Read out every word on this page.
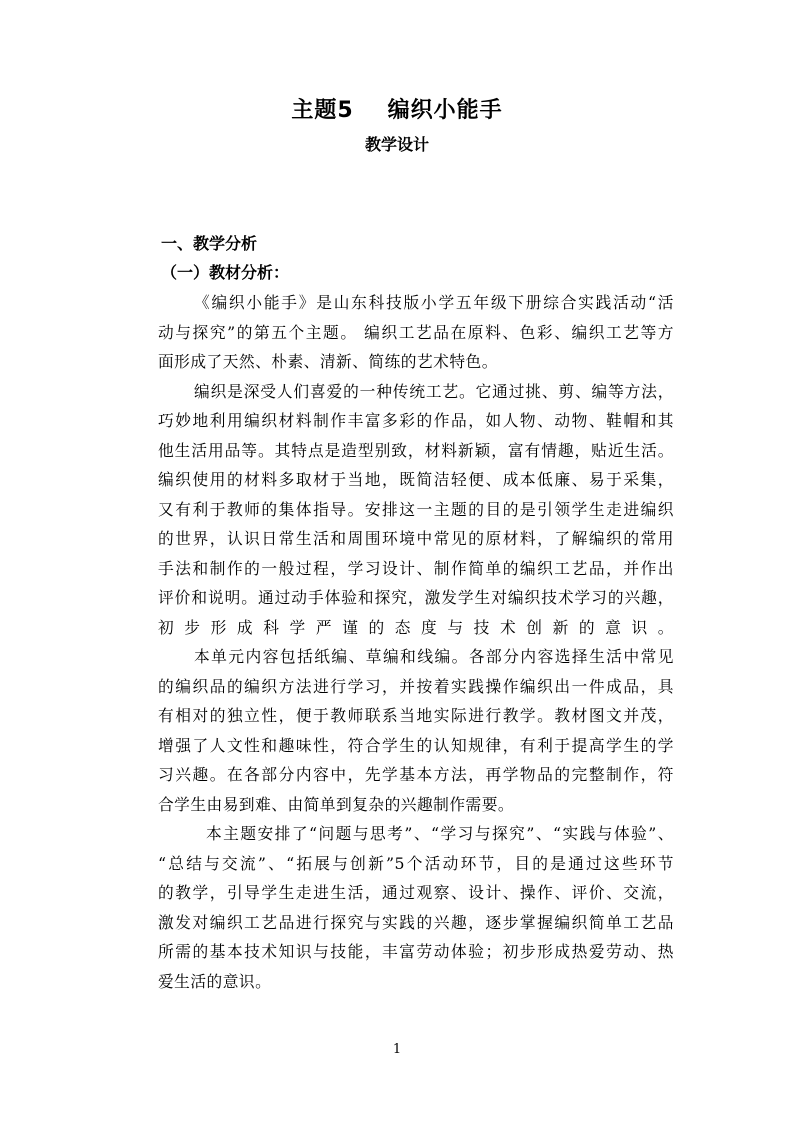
主题5 编织小能手
教学设计
一、教学分析
（一）教材分析：

《编织小能手》是山东科技版小学五年级下册综合实践活动“活
动与探究”的第五个主题。 编织工艺品在原料、色彩、编织工艺等方
面形成了天然、朴素、清新、简练的艺术特色。

编织是深受人们喜爱的一种传统工艺。它通过挑、剪、编等方法，
巧妙地利用编织材料制作丰富多彩的作品，如人物、动物、鞋帽和其
他生活用品等。其特点是造型别致，材料新颖，富有情趣，贴近生活。
编织使用的材料多取材于当地，既简洁轻便、成本低廉、易于采集，
又有利于教师的集体指导。安排这一主题的目的是引领学生走进编织
的世界，认识日常生活和周围环境中常见的原材料，了解编织的常用
手法和制作的一般过程，学习设计、制作简单的编织工艺品，并作出
评价和说明。通过动手体验和探究，激发学生对编织技术学习的兴趣，
初步形成科学严谨的态度与技术创新的意识。

本单元内容包括纸编、草编和线编。各部分内容选择生活中常见
的编织品的编织方法进行学习，并按着实践操作编织出一件成品，具
有相对的独立性，便于教师联系当地实际进行教学。教材图文并茂，
增强了人文性和趣味性，符合学生的认知规律，有利于提高学生的学
习兴趣。在各部分内容中，先学基本方法，再学物品的完整制作，符
合学生由易到难、由简单到复杂的兴趣制作需要。

本主题安排了“问题与思考”、“学习与探究”、“实践与体验”、
“总结与交流”、“拓展与创新”5个活动环节，目的是通过这些环节
的教学，引导学生走进生活，通过观察、设计、操作、评价、交流，
激发对编织工艺品进行探究与实践的兴趣，逐步掌握编织简单工艺品
所需的基本技术知识与技能，丰富劳动体验；初步形成热爱劳动、热
爱生活的意识。

1
